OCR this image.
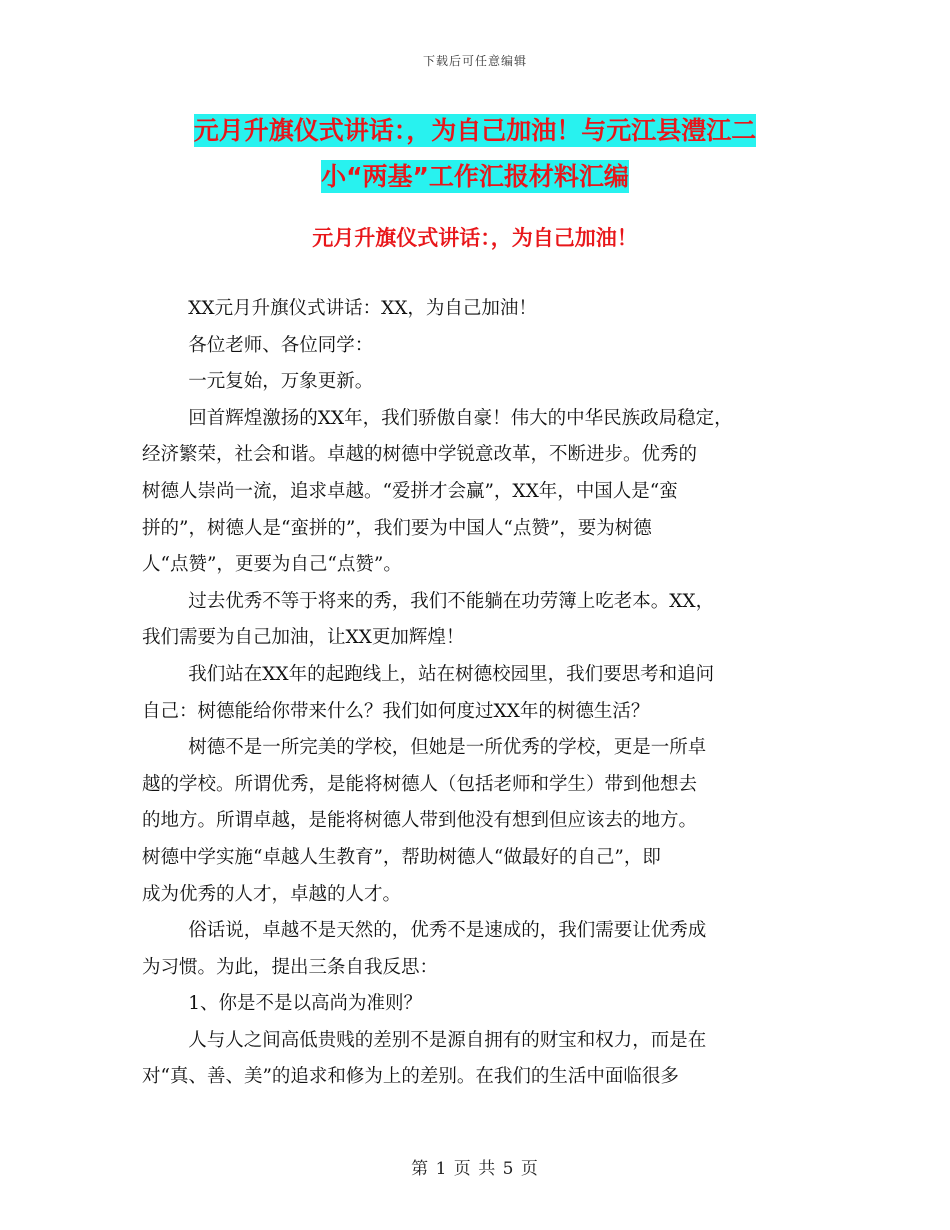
下载后可任意编辑
元月升旗仪式讲话：，为自己加油！与元江县澧江二
小“两基”工作汇报材料汇编
元月升旗仪式讲话：，为自己加油！

XX元月升旗仪式讲话：XX，为自己加油！

各位老师、各位同学：

一元复始，万象更新。

回首辉煌激扬的XX年，我们骄傲自豪！伟大的中华民族政局稳定，
经济繁荣，社会和谐。卓越的树德中学锐意改革，不断进步。优秀的
树德人崇尚一流，追求卓越。“爱拼才会赢”，XX年，中国人是“蛮
拼的”，树德人是“蛮拼的”，我们要为中国人“点赞”，要为树德
人“点赞”，更要为自己“点赞”。

过去优秀不等于将来的秀，我们不能躺在功劳簿上吃老本。XX，
我们需要为自己加油，让XX更加辉煌！

我们站在XX年的起跑线上，站在树德校园里，我们要思考和追问
自己：树德能给你带来什么？我们如何度过XX年的树德生活？

树德不是一所完美的学校，但她是一所优秀的学校，更是一所卓
越的学校。所谓优秀，是能将树德人（包括老师和学生）带到他想去
的地方。所谓卓越，是能将树德人带到他没有想到但应该去的地方。
树德中学实施“卓越人生教育”，帮助树德人“做最好的自己”，即
成为优秀的人才，卓越的人才。

俗话说，卓越不是天然的，优秀不是速成的，我们需要让优秀成
为习惯。为此，提出三条自我反思：

1、你是不是以高尚为准则？

人与人之间高低贵贱的差别不是源自拥有的财宝和权力，而是在
对“真、善、美”的追求和修为上的差别。在我们的生活中面临很多

第 1 页 共 5 页
